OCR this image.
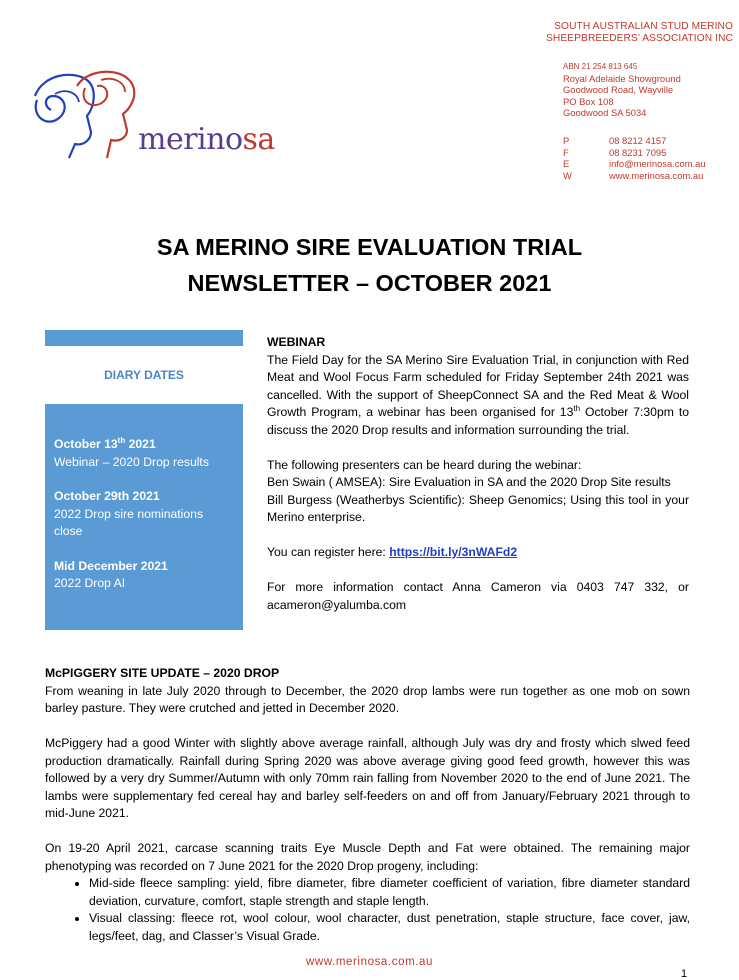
SOUTH AUSTRALIAN STUD MERINO
SHEEPBREEDERS’ ASSOCIATION INC
ABN 21 254 813 645
Royal Adelaide Showground
Goodwood Road, Wayville
PO Box 108
Goodwood SA 5034
P	08 8212 4157
F	08 8231 7095
E	info@merinosa.com.au
W	www.merinosa.com.au
merinosa
SA MERINO SIRE EVALUATION TRIAL
NEWSLETTER – OCTOBER 2021
DIARY DATES
October 13th 2021
Webinar – 2020 Drop results
October 29th 2021
2022 Drop sire nominations close
Mid December 2021
2022 Drop AI
WEBINAR

The Field Day for the SA Merino Sire Evaluation Trial, in conjunction with Red Meat and Wool Focus Farm scheduled for Friday September 24th 2021 was cancelled. With the support of SheepConnect SA and the Red Meat & Wool Growth Program, a webinar has been organised for 13th October 7:30pm to discuss the 2020 Drop results and information surrounding the trial.

The following presenters can be heard during the webinar:

Ben Swain ( AMSEA): Sire Evaluation in SA and the 2020 Drop Site results

Bill Burgess (Weatherbys Scientific): Sheep Genomics; Using this tool in your Merino enterprise.

You can register here: https://bit.ly/3nWAFd2

For more information contact Anna Cameron via 0403 747 332, or acameron@yalumba.com

McPIGGERY SITE UPDATE – 2020 DROP

From weaning in late July 2020 through to December, the 2020 drop lambs were run together as one mob on sown barley pasture. They were crutched and jetted in December 2020.

McPiggery had a good Winter with slightly above average rainfall, although July was dry and frosty which slwed feed production dramatically. Rainfall during Spring 2020 was above average giving good feed growth, however this was followed by a very dry Summer/Autumn with only 70mm rain falling from November 2020 to the end of June 2021. The lambs were supplementary fed cereal hay and barley self-feeders on and off from January/February 2021 through to mid-June 2021.

On 19-20 April 2021, carcase scanning traits Eye Muscle Depth and Fat were obtained. The remaining major phenotyping was recorded on 7 June 2021 for the 2020 Drop progeny, including:

• Mid-side fleece sampling: yield, fibre diameter, fibre diameter coefficient of variation, fibre diameter standard deviation, curvature, comfort, staple strength and staple length.
• Visual classing: fleece rot, wool colour, wool character, dust penetration, staple structure, face cover, jaw, legs/feet, dag, and Classer’s Visual Grade.
www.merinosa.com.au
1
